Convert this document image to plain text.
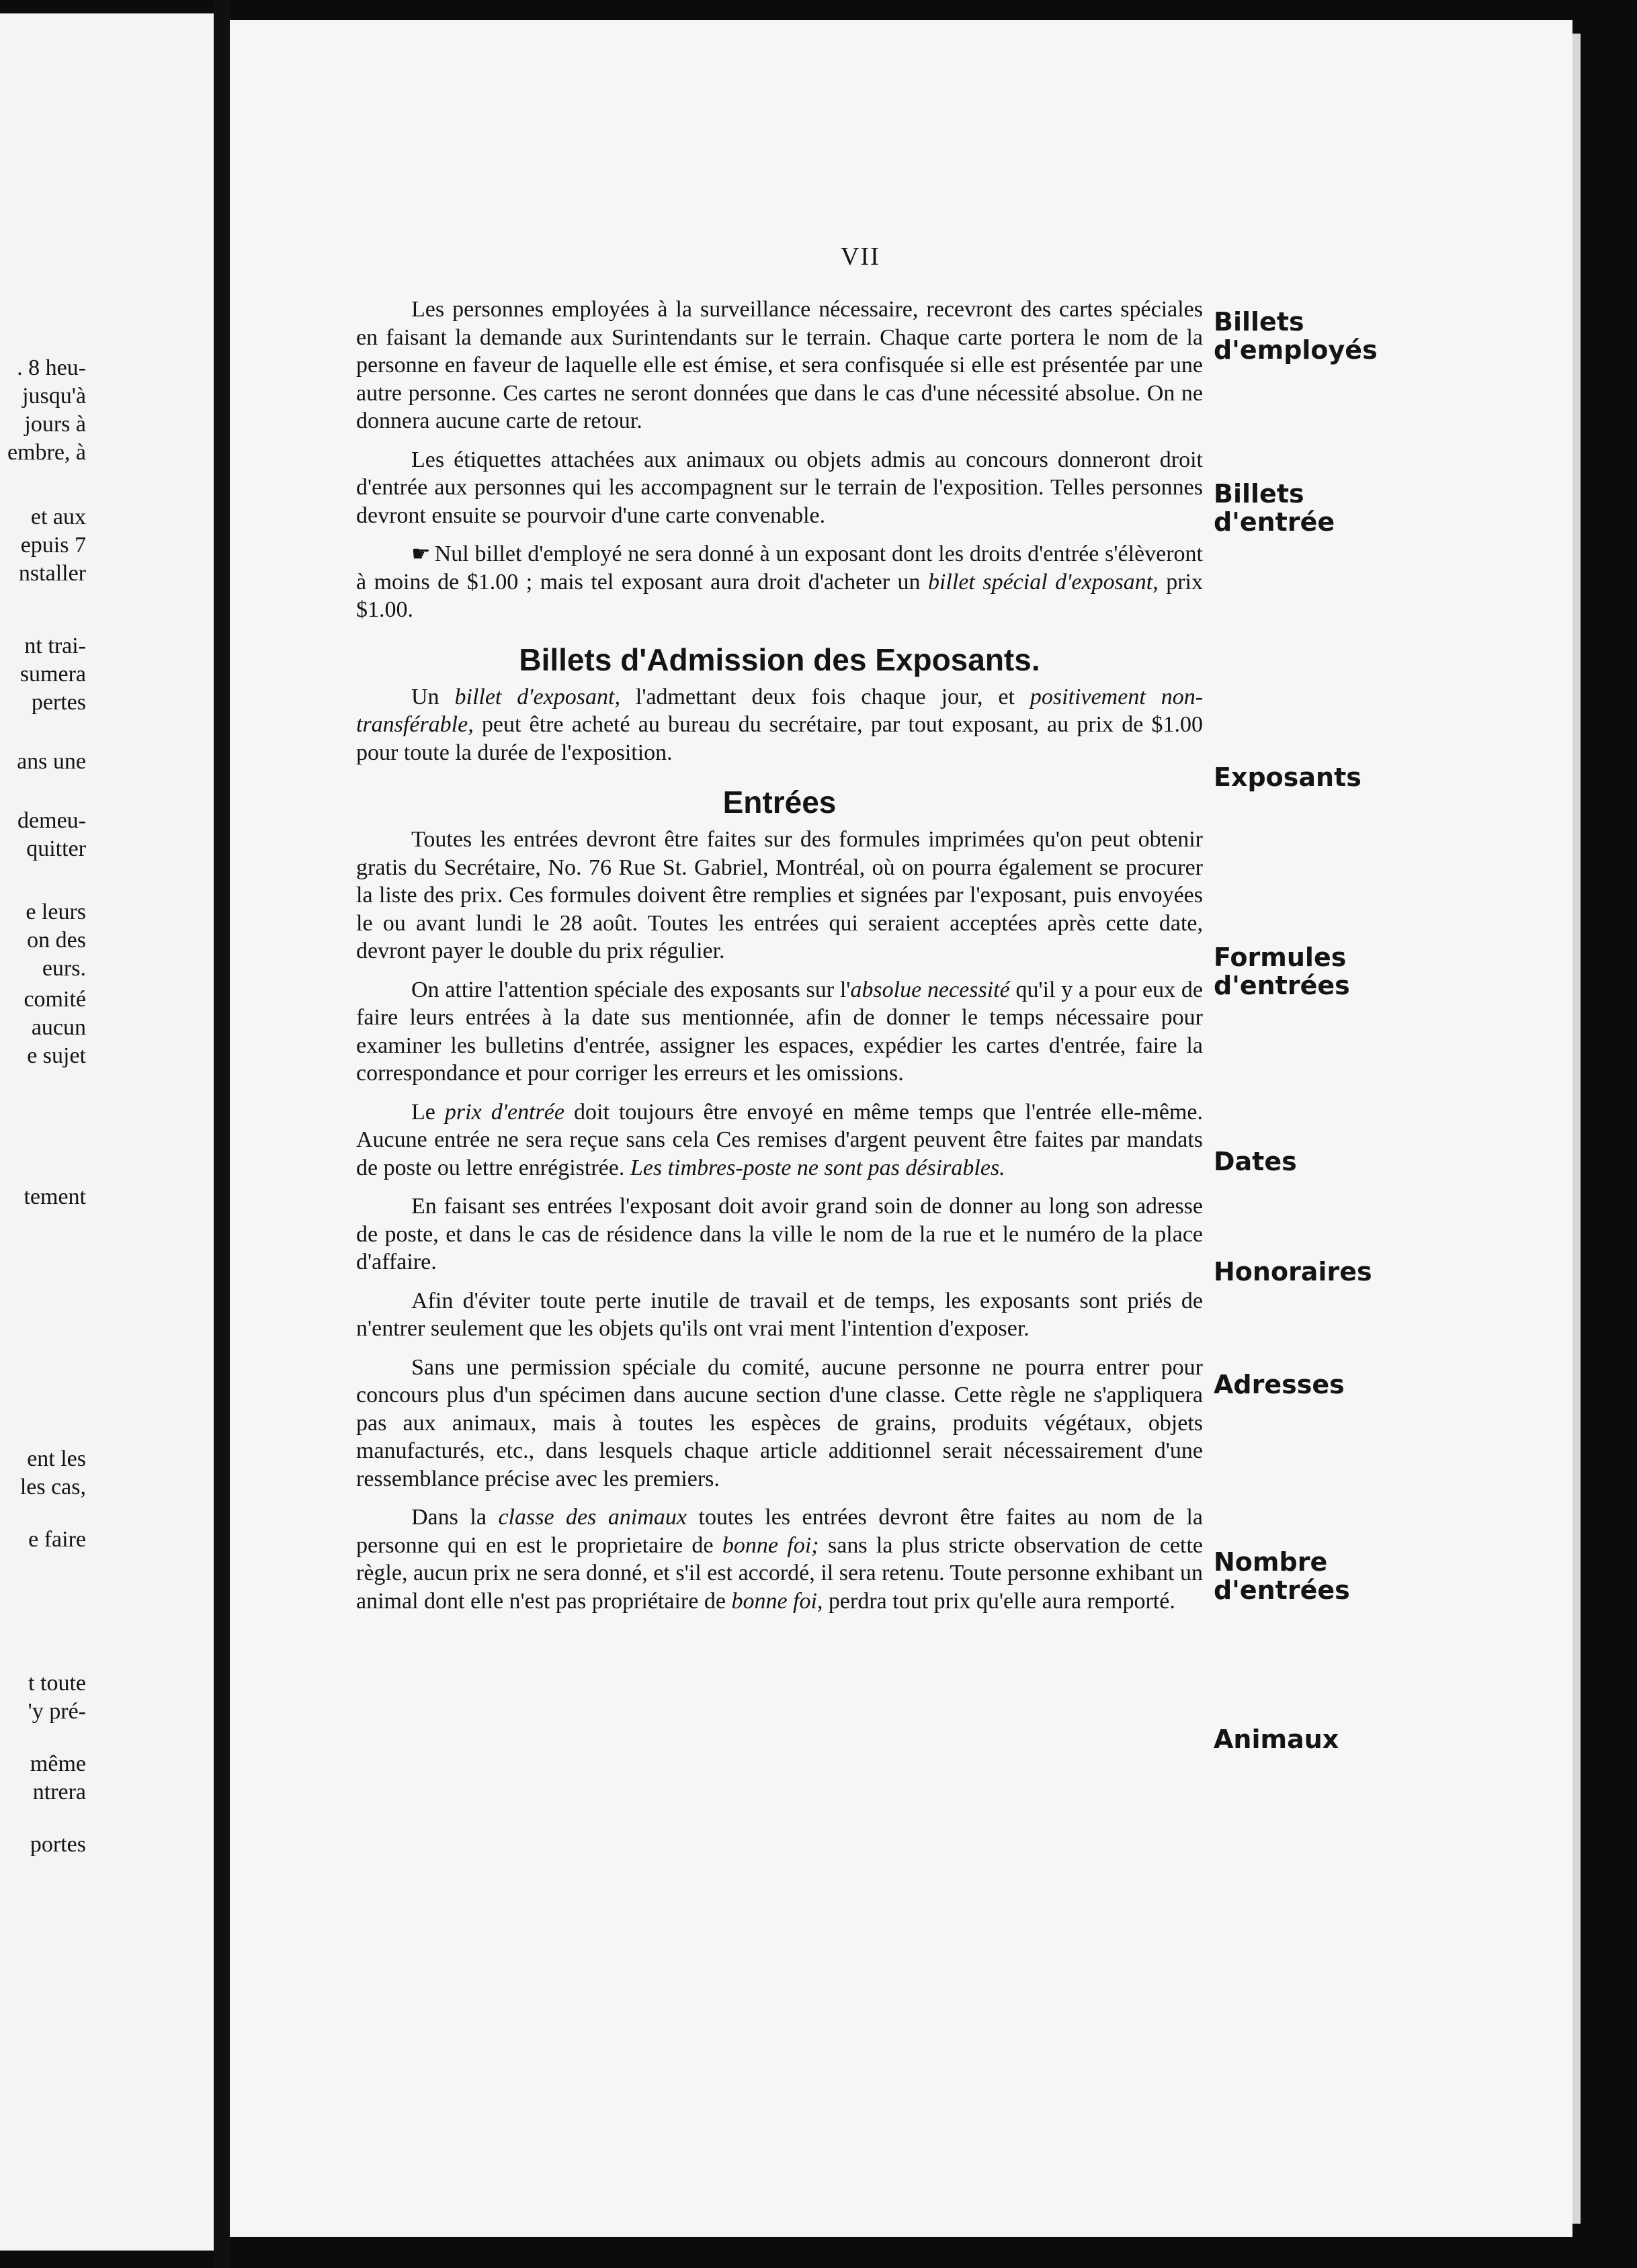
. 8 heu-
jusqu'à
jours à
embre, à
et aux
epuis 7
nstaller
nt trai-
sumera
pertes
ans une
demeu-
quitter
e leurs
on des
eurs.
comité
aucun
e sujet
tement
ent les
les cas,
e faire
t toute
'y pré-
même
ntrera
portes
VII

Les personnes employées à la surveillance nécessaire, recevront des cartes spéciales en faisant la demande aux Surintendants sur le terrain. Chaque carte portera le nom de la personne en faveur de laquelle elle est émise, et sera confisquée si elle est présentée par une autre personne. Ces cartes ne seront données que dans le cas d'une nécessité absolue. On ne donnera aucune carte de retour.

Les étiquettes attachées aux animaux ou objets admis au concours donneront droit d'entrée aux personnes qui les accompagnent sur le terrain de l'exposition. Telles personnes devront ensuite se pourvoir d'une carte convenable.

☛ Nul billet d'employé ne sera donné à un exposant dont les droits d'entrée s'élèveront à moins de $1.00 ; mais tel exposant aura droit d'acheter un billet spécial d'exposant, prix $1.00.

Billets d'Admission des Exposants.

Un billet d'exposant, l'admettant deux fois chaque jour, et positivement non-transférable, peut être acheté au bureau du secrétaire, par tout exposant, au prix de $1.00 pour toute la durée de l'exposition.

Entrées

Toutes les entrées devront être faites sur des formules imprimées qu'on peut obtenir gratis du Secrétaire, No. 76 Rue St. Gabriel, Montréal, où on pourra également se procurer la liste des prix. Ces formules doivent être remplies et signées par l'exposant, puis envoyées le ou avant lundi le 28 août. Toutes les entrées qui seraient acceptées après cette date, devront payer le double du prix régulier.

On attire l'attention spéciale des exposants sur l'absolue necessité qu'il y a pour eux de faire leurs entrées à la date sus mentionnée, afin de donner le temps nécessaire pour examiner les bulletins d'entrée, assigner les espaces, expédier les cartes d'entrée, faire la correspondance et pour corriger les erreurs et les omissions.

Le prix d'entrée doit toujours être envoyé en même temps que l'entrée elle-même. Aucune entrée ne sera reçue sans cela Ces remises d'argent peuvent être faites par mandats de poste ou lettre enrégistrée. Les timbres-poste ne sont pas désirables.

En faisant ses entrées l'exposant doit avoir grand soin de donner au long son adresse de poste, et dans le cas de résidence dans la ville le nom de la rue et le numéro de la place d'affaire.

Afin d'éviter toute perte inutile de travail et de temps, les exposants sont priés de n'entrer seulement que les objets qu'ils ont vrai ment l'intention d'exposer.

Sans une permission spéciale du comité, aucune personne ne pourra entrer pour concours plus d'un spécimen dans aucune section d'une classe. Cette règle ne s'appliquera pas aux animaux, mais à toutes les espèces de grains, produits végétaux, objets manufacturés, etc., dans lesquels chaque article additionnel serait nécessairement d'une ressemblance précise avec les premiers.

Dans la classe des animaux toutes les entrées devront être faites au nom de la personne qui en est le proprietaire de bonne foi; sans la plus stricte observation de cette règle, aucun prix ne sera donné, et s'il est accordé, il sera retenu. Toute personne exhibant un animal dont elle n'est pas propriétaire de bonne foi, perdra tout prix qu'elle aura remporté.

Billets
d'employés
Billets
d'entrée
Exposants
Formules
d'entrées
Dates
Honoraires
Adresses
Nombre
d'entrées
Animaux
